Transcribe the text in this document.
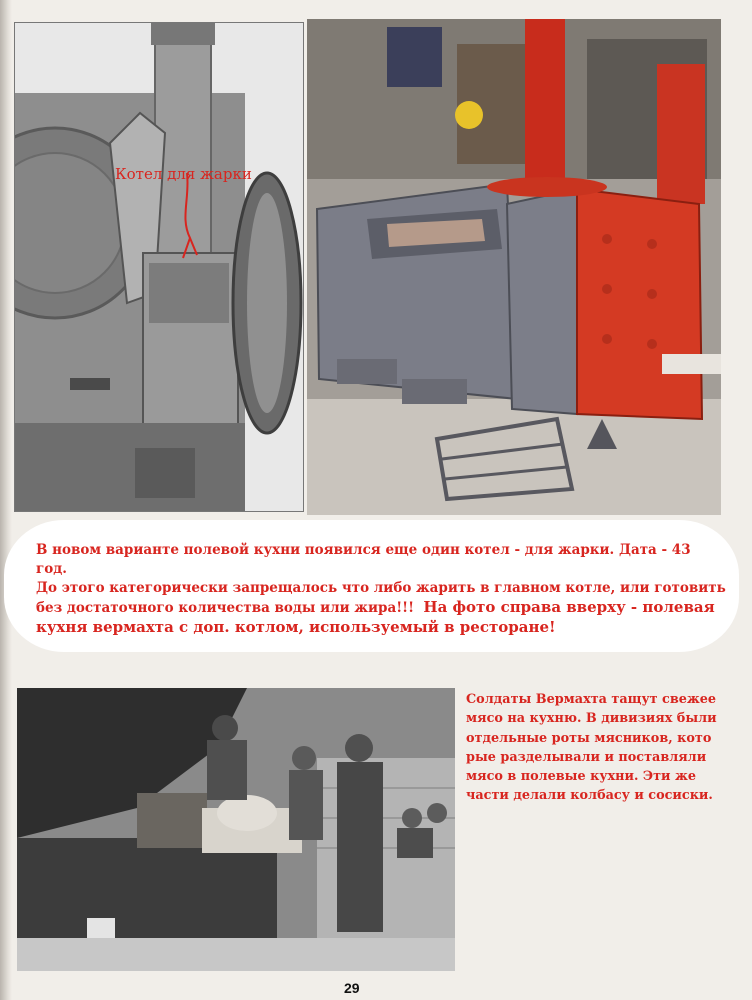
Котел для жарки
В новом варианте полевой кухни появился еще один котел - для жарки. Дата - 43 год.
До этого категорически запрещалось что либо жарить в главном котле, или готовить
без достаточного количества воды или жира!!! На фото справа вверху - полевая
кухня вермахта с доп. котлом, используемый в ресторане!
Солдаты Вермахта тащут свежее
мясо на кухню. В дивизиях были
отдельные роты мясников, кото
рые разделывали и поставляли
мясо в полевые кухни. Эти же
части делали колбасу и сосиски.
29
